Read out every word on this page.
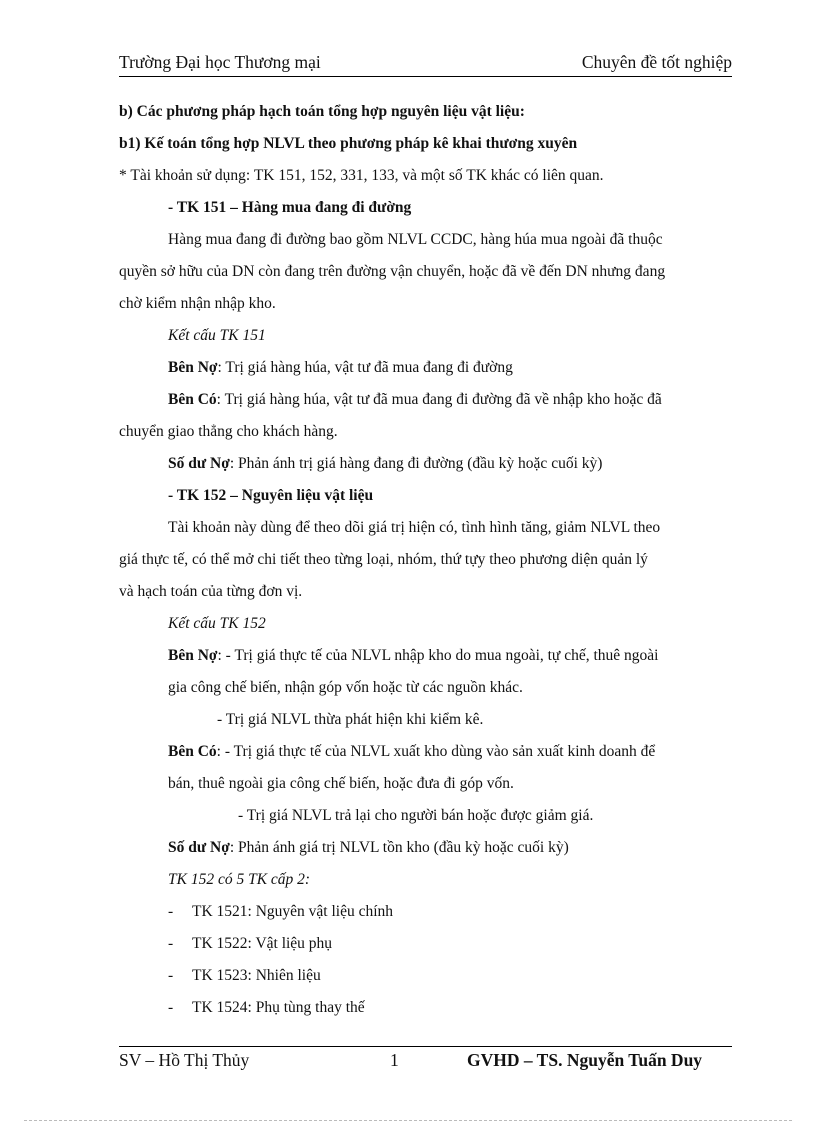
Trường Đại học Thương mại	Chuyên đề tốt nghiệp
b) Các phương pháp hạch toán tổng hợp nguyên liệu vật liệu:
b1) Kế toán tổng hợp NLVL theo phương pháp kê khai thương xuyên
* Tài khoản sử dụng: TK 151, 152, 331, 133, và một số TK khác có liên quan.
- TK 151 – Hàng mua đang đi đường
Hàng mua đang đi đường bao gồm NLVL CCDC, hàng húa mua ngoài đã thuộc
quyền sở hữu của DN còn đang trên đường vận chuyển, hoặc đã về đến DN nhưng đang
chờ kiểm nhận nhập kho.
Kết cấu TK 151
Bên Nợ: Trị giá hàng húa, vật tư đã mua đang đi đường
Bên Có: Trị giá hàng húa, vật tư đã mua đang đi đường đã về nhập kho hoặc đã
chuyển giao thẳng cho khách hàng.
Số dư Nợ: Phản ánh trị giá hàng đang đi đường (đầu kỳ hoặc cuối kỳ)
- TK 152 – Nguyên liệu vật liệu
Tài khoản này dùng để theo dõi giá trị hiện có, tình hình tăng, giảm NLVL theo
giá thực tế, có thể mở chi tiết theo từng loại, nhóm, thứ tựy theo phương diện quản lý
và hạch toán của từng đơn vị.
Kết cấu TK 152
Bên Nợ: - Trị giá thực tế của NLVL nhập kho do mua ngoài, tự chế, thuê ngoài
gia công chế biến, nhận góp vốn hoặc từ các nguồn khác.
- Trị giá NLVL thừa phát hiện khi kiểm kê.
Bên Có: - Trị giá thực tế của NLVL xuất kho dùng vào sản xuất kinh doanh để
bán, thuê ngoài gia công chế biến, hoặc đưa đi góp vốn.
- Trị giá NLVL trả lại cho người bán hoặc được giảm giá.
Số dư Nợ: Phản ánh giá trị NLVL tồn kho (đầu kỳ hoặc cuối kỳ)
TK 152 có 5 TK cấp 2:
- TK 1521: Nguyên vật liệu chính
- TK 1522: Vật liệu phụ
- TK 1523: Nhiên liệu
- TK 1524: Phụ tùng thay thế
SV – Hồ Thị Thủy	1	GVHD – TS. Nguyễn Tuấn Duy
